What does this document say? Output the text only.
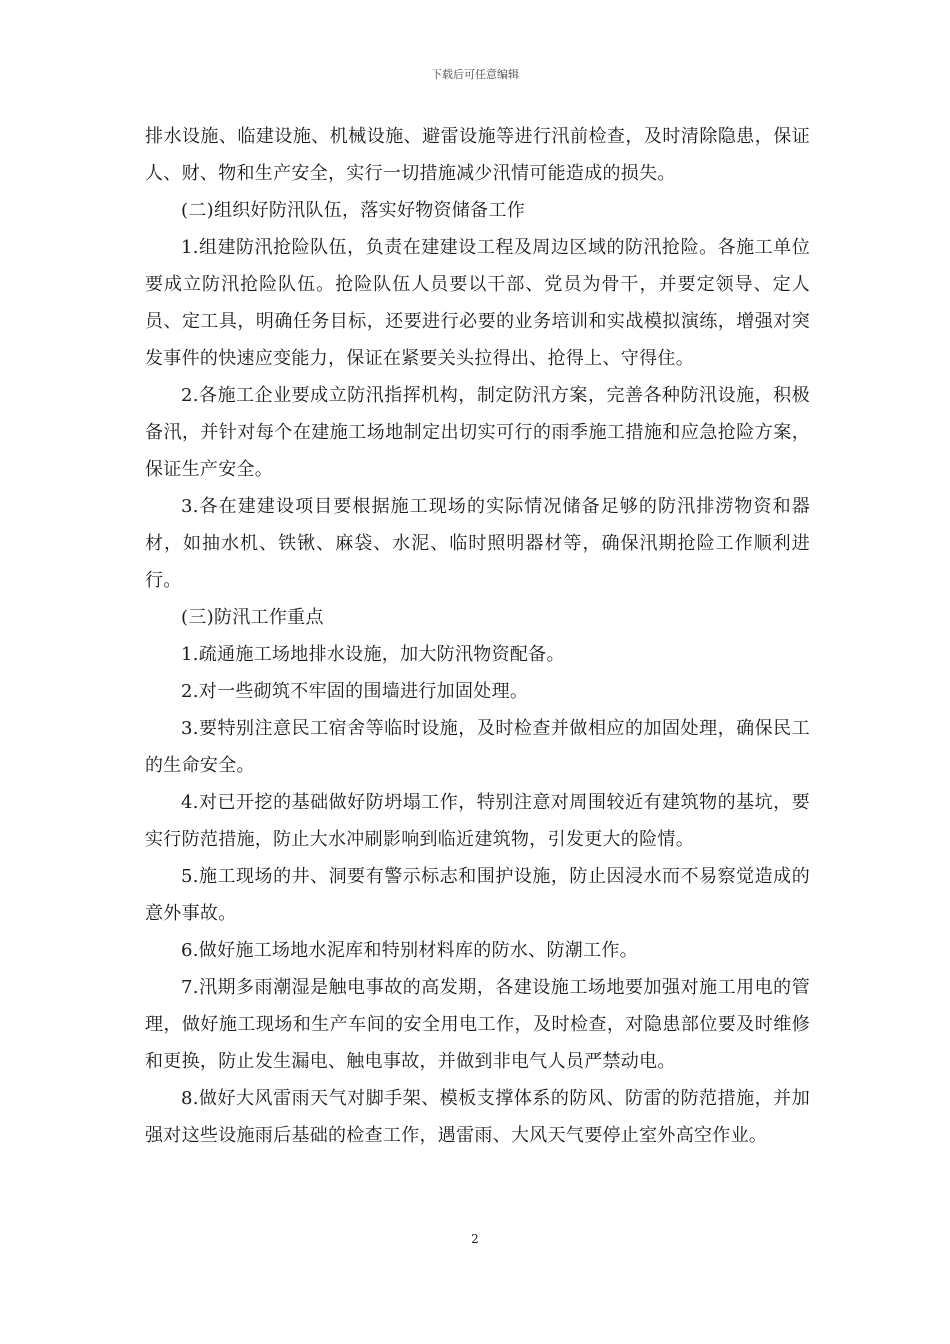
下载后可任意编辑

排水设施、临建设施、机械设施、避雷设施等进行汛前检查，及时清除隐患，保证人、财、物和生产安全，实行一切措施减少汛情可能造成的损失。

(二)组织好防汛队伍，落实好物资储备工作

1.组建防汛抢险队伍，负责在建建设工程及周边区域的防汛抢险。各施工单位要成立防汛抢险队伍。抢险队伍人员要以干部、党员为骨干，并要定领导、定人员、定工具，明确任务目标，还要进行必要的业务培训和实战模拟演练，增强对突发事件的快速应变能力，保证在紧要关头拉得出、抢得上、守得住。

2.各施工企业要成立防汛指挥机构，制定防汛方案，完善各种防汛设施，积极备汛，并针对每个在建施工场地制定出切实可行的雨季施工措施和应急抢险方案，保证生产安全。

3.各在建建设项目要根据施工现场的实际情况储备足够的防汛排涝物资和器材，如抽水机、铁锹、麻袋、水泥、临时照明器材等，确保汛期抢险工作顺利进行。

(三)防汛工作重点

1.疏通施工场地排水设施，加大防汛物资配备。

2.对一些砌筑不牢固的围墙进行加固处理。

3.要特别注意民工宿舍等临时设施，及时检查并做相应的加固处理，确保民工的生命安全。

4.对已开挖的基础做好防坍塌工作，特别注意对周围较近有建筑物的基坑，要实行防范措施，防止大水冲刷影响到临近建筑物，引发更大的险情。

5.施工现场的井、洞要有警示标志和围护设施，防止因浸水而不易察觉造成的意外事故。

6.做好施工场地水泥库和特别材料库的防水、防潮工作。

7.汛期多雨潮湿是触电事故的高发期，各建设施工场地要加强对施工用电的管理，做好施工现场和生产车间的安全用电工作，及时检查，对隐患部位要及时维修和更换，防止发生漏电、触电事故，并做到非电气人员严禁动电。

8.做好大风雷雨天气对脚手架、模板支撑体系的防风、防雷的防范措施，并加强对这些设施雨后基础的检查工作，遇雷雨、大风天气要停止室外高空作业。

2
